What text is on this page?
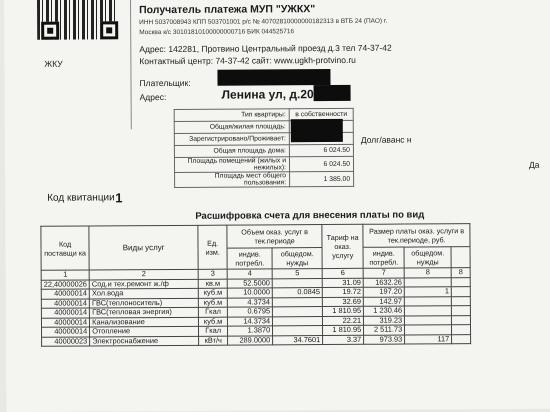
ЖКУ
Получатель платежа МУП "УЖКХ"
ИНН 5037008943 КПП 503701001 р/с № 40702810000000182313 в ВТБ 24 (ПАО) г.
Москва к/с 30101810100000000716 БИК 044525716
Адрес: 142281, Протвино Центральный проезд д.3 тел 74-37-42
Контактный центр: 74-37-42 сайт: www.ugkh-protvino.ru
Плательщик:
Адрес:	Ленина ул, д.20
Тип квартиры:	в собственности
Общая/жилая площадь:	
Зарегистрировано/Проживает:	
Общая площадь дома:	6 024.50
Площадь помещений (жилых и нежилых):	6 024.50
Площадь мест общего пользования:	1 385.00
Долг/аванс н
Да
Код квитанции 1
Расшифровка счета для внесения платы по вид
Код поставщи ка	Виды услуг	Ед. изм.	Объем оказ. услуг в тек.периоде		Тариф на оказ. услугу	Размер платы оказ. услуги в тек.периоде, руб.		
			индив. потребл.	общедом. нужды		индив. потребл.	общедом. нужды	
1	2	3	4	5	6	7	8	8
22,40000026	Сод.и тех.ремонт ж./ф	кв.м	52.5000		31.09	1632.26		
40000014	Хол.вода	куб.м	10.0000	0.0845	19.72	197.20	1	
40000014	ГВС(теплоноситель)	куб.м	4.3734		32.69	142.97		
40000014	ГВС(тепловая энергия)	Гкал	0.6795		1 810.95	1 230.46		
40000014	Канализование	куб.м	14.3734		22.21	319.23		
40000014	Отопление	Гкал	1.3870		1 810.95	2 511.73		
40000023	Электроснабжение	кВт/ч	289.0000	34.7601	3.37	973.93	117	
